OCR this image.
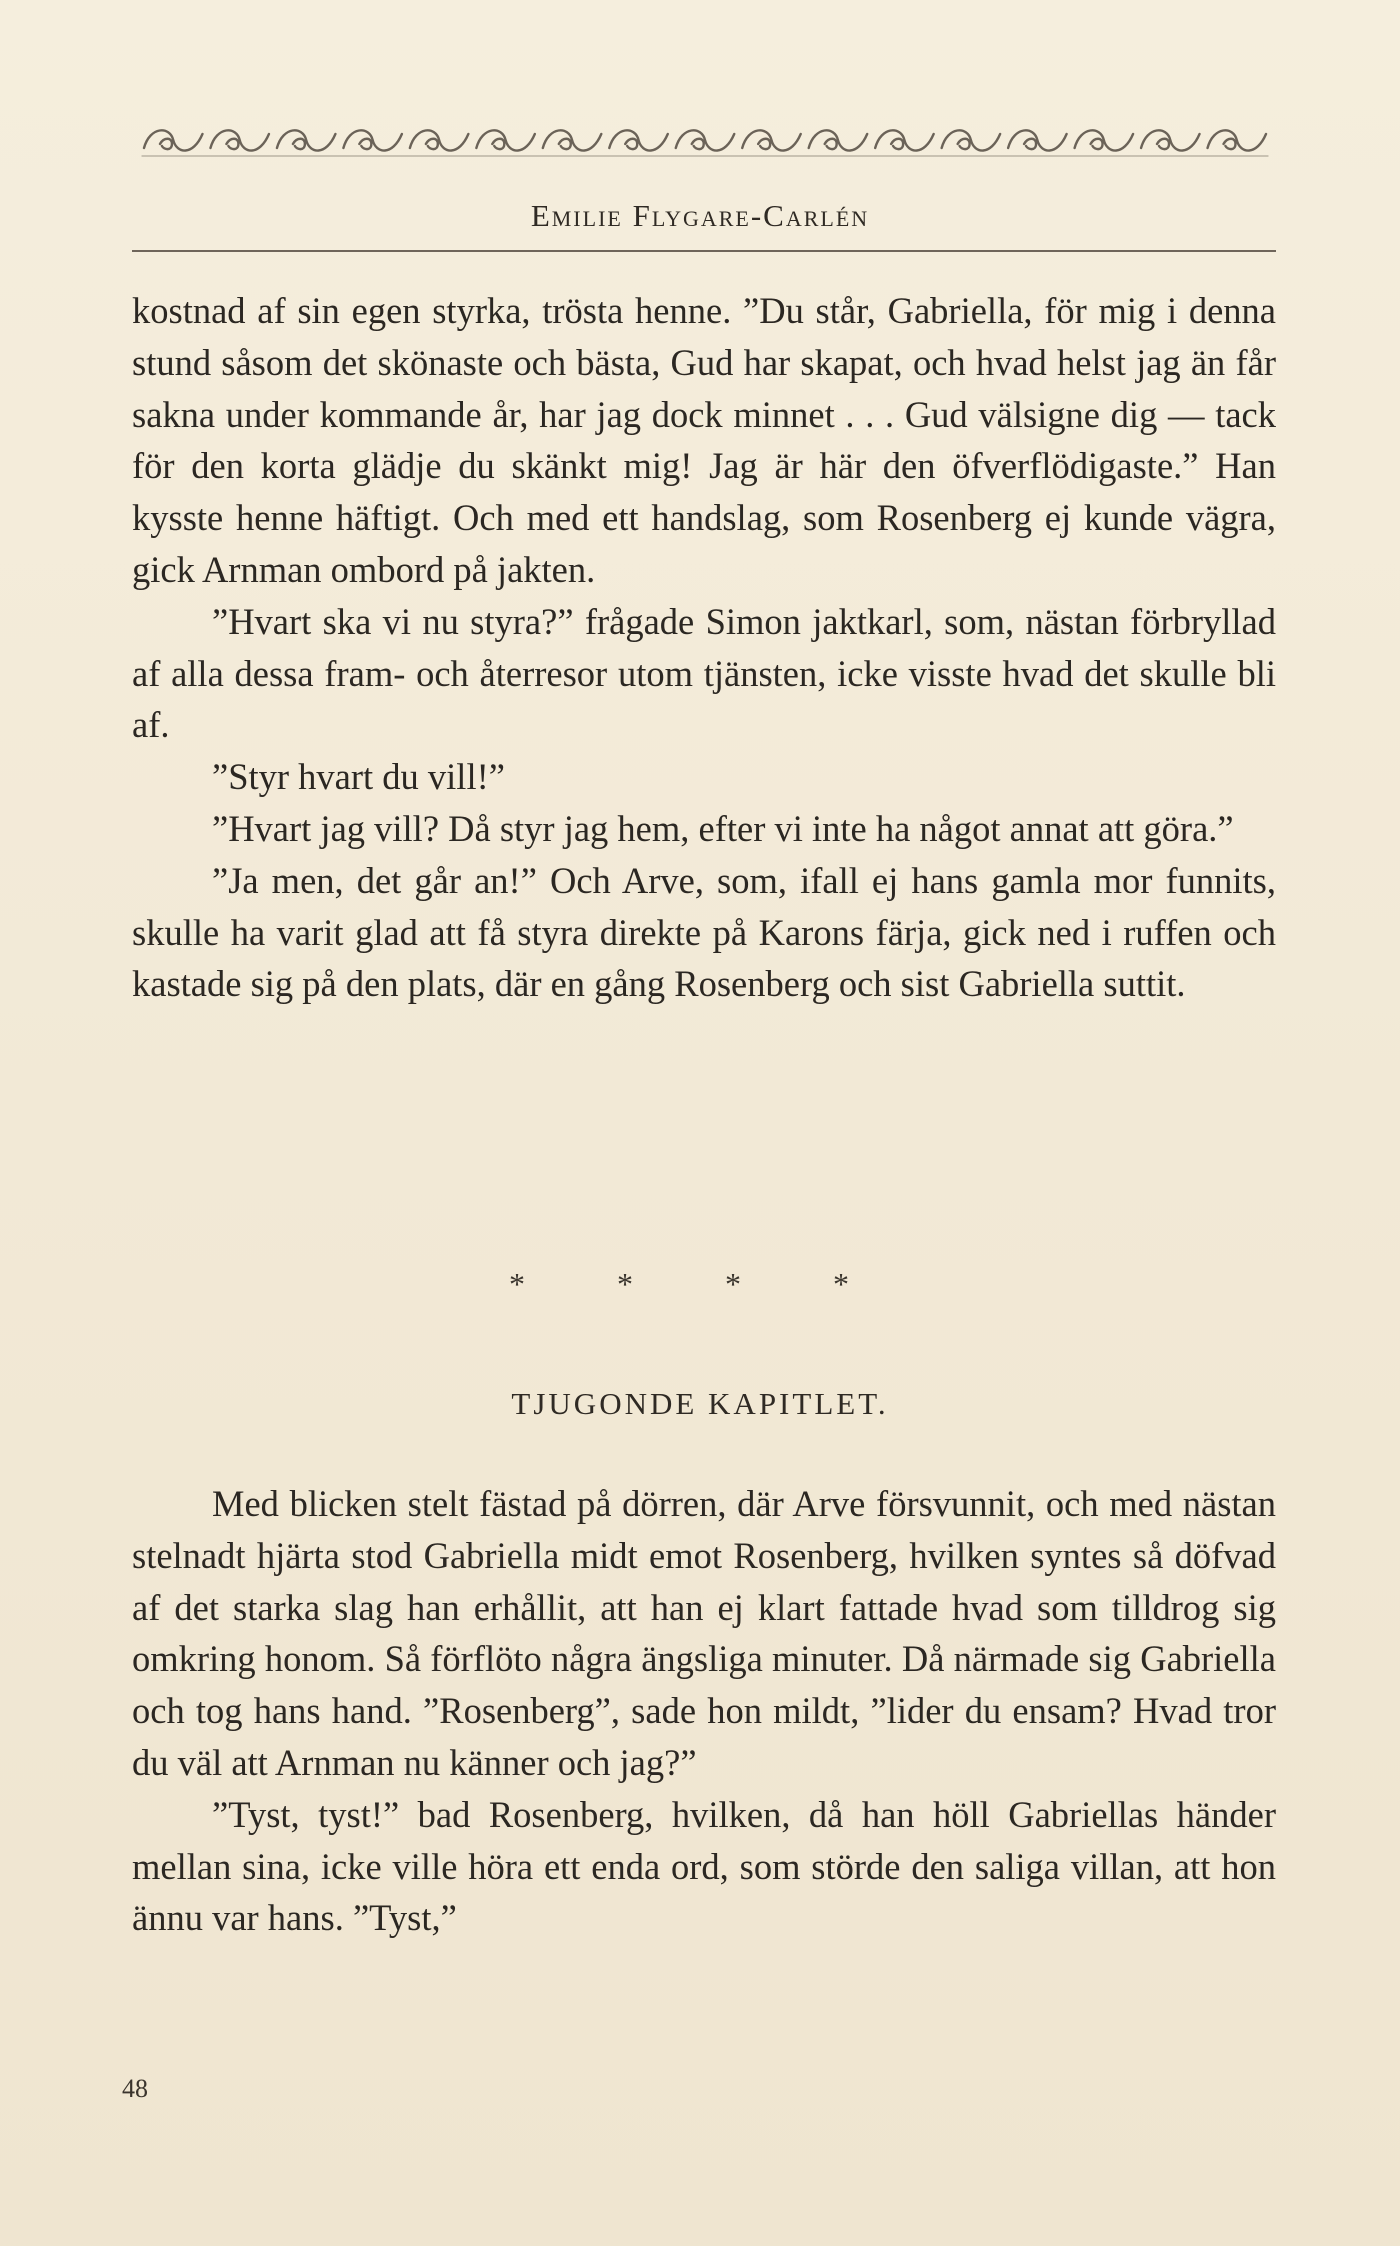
Emilie Flygare-Carlén

kostnad af sin egen styrka, trösta henne. ”Du står, Gabriella, för mig i denna stund såsom det skönaste och bästa, Gud har skapat, och hvad helst jag än får sakna under kommande år, har jag dock minnet . . . Gud välsigne dig — tack för den korta glädje du skänkt mig! Jag är här den öfverflödigaste.” Han kysste henne häftigt. Och med ett handslag, som Rosenberg ej kunde vägra, gick Arnman ombord på jakten.

”Hvart ska vi nu styra?” frågade Simon jaktkarl, som, nästan förbryllad af alla dessa fram- och återresor utom tjänsten, icke visste hvad det skulle bli af.

”Styr hvart du vill!”

”Hvart jag vill? Då styr jag hem, efter vi inte ha något annat att göra.”

”Ja men, det går an!” Och Arve, som, ifall ej hans gamla mor funnits, skulle ha varit glad att få styra direkte på Karons färja, gick ned i ruffen och kastade sig på den plats, där en gång Rosenberg och sist Gabriella suttit.

* * * *
TJUGONDE KAPITLET.

Med blicken stelt fästad på dörren, där Arve försvunnit, och med nästan stelnadt hjärta stod Gabriella midt emot Rosenberg, hvilken syntes så döfvad af det starka slag han erhållit, att han ej klart fattade hvad som tilldrog sig omkring honom. Så förflöto några ängsliga minuter. Då närmade sig Gabriella och tog hans hand. ”Rosenberg”, sade hon mildt, ”lider du ensam? Hvad tror du väl att Arnman nu känner och jag?”

”Tyst, tyst!” bad Rosenberg, hvilken, då han höll Gabriellas händer mellan sina, icke ville höra ett enda ord, som störde den saliga villan, att hon ännu var hans. ”Tyst,”

48
